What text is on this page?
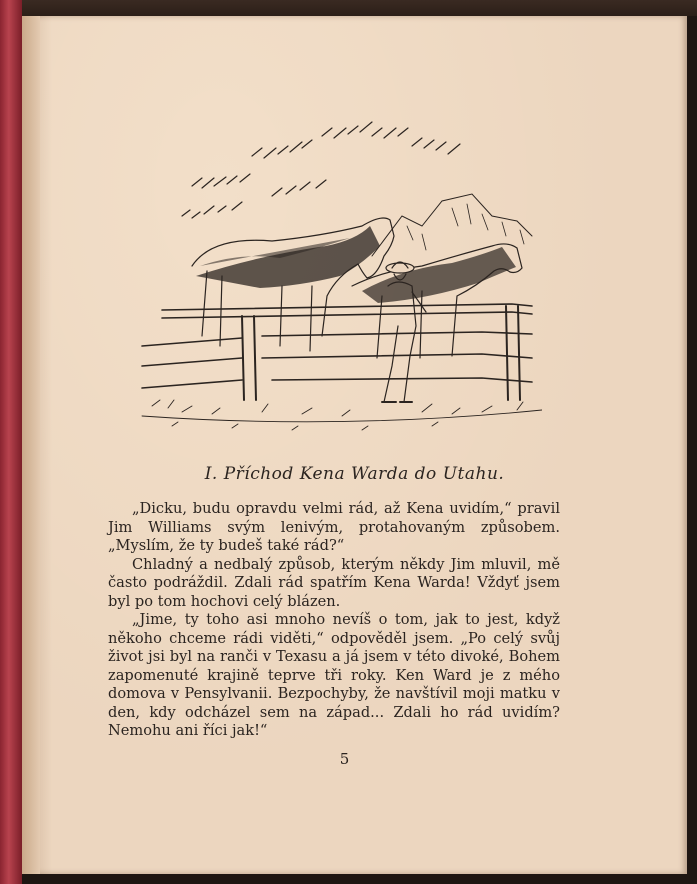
I. Příchod Kena Warda do Utahu.

„Dicku, budu opravdu velmi rád, až Kena uvidím,“ pravil Jim Williams svým lenivým, protahovaným způsobem. „Myslím, že ty budeš také rád?“

Chladný a nedbalý způsob, kterým někdy Jim mluvil, mě často podráždil. Zdali rád spatřím Kena Warda! Vždyť jsem byl po tom hochovi celý blázen.

„Jime, ty toho asi mnoho nevíš o tom, jak to jest, když někoho chceme rádi viděti,“ odpověděl jsem. „Po celý svůj život jsi byl na ranči v Texasu a já jsem v této divoké, Bohem zapomenuté krajině teprve tři roky. Ken Ward je z mého domova v Pensylvanii. Bezpochyby, že navštívil moji matku v den, kdy odcházel sem na západ... Zdali ho rád uvidím? Nemohu ani říci jak!“

5
